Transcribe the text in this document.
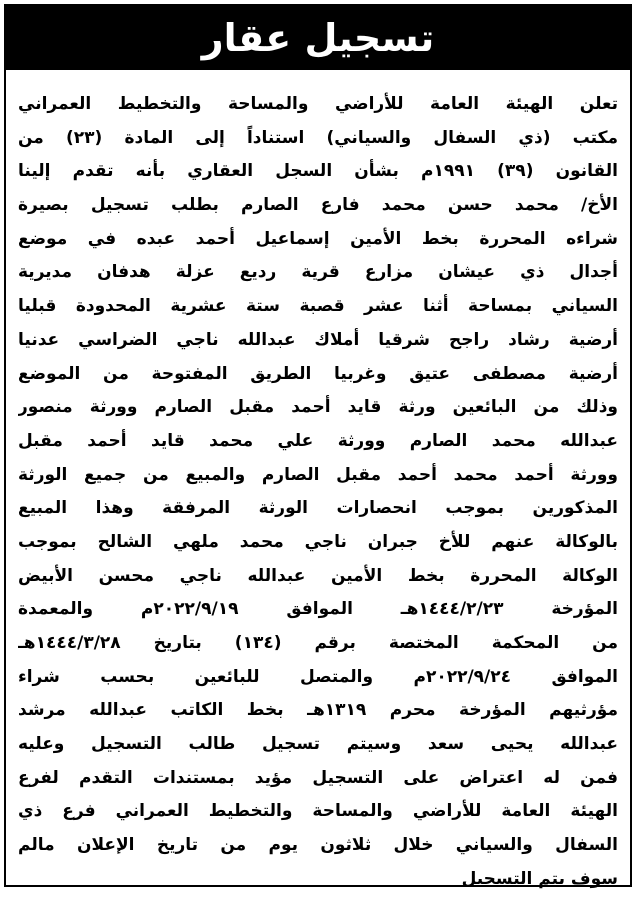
تسجيل عقار
تعلن الهيئة العامة للأراضي والمساحة والتخطيط العمراني
مكتب (ذي السفال والسياني) استناداً إلى المادة (٢٣) من
القانون (٣٩) ١٩٩١م بشأن السجل العقاري بأنه تقدم إلينا
الأخ/ محمد حسن محمد فارع الصارم بطلب تسجيل بصيرة
شراءه المحررة بخط الأمين إسماعيل أحمد عبده في موضع
أجدال ذي عيشان مزارع قرية رديع عزلة هدفان مديرية
السياني بمساحة أثنا عشر قصبة ستة عشرية المحدودة قبليا
أرضية رشاد راجح شرقيا أملاك عبدالله ناجي الضراسي عدنيا
أرضية مصطفى عتيق وغربيا الطريق المفتوحة من الموضع
وذلك من البائعين ورثة قايد أحمد مقبل الصارم وورثة منصور
عبدالله محمد الصارم وورثة علي محمد قايد أحمد مقبل
وورثة أحمد محمد أحمد مقبل الصارم والمبيع من جميع الورثة
المذكورين بموجب انحصارات الورثة المرفقة وهذا المبيع
بالوكالة عنهم للأخ جبران ناجي محمد ملهي الشالح بموجب
الوكالة المحررة بخط الأمين عبدالله ناجي محسن الأبيض
المؤرخة ١٤٤٤/٢/٢٣هـ الموافق ٢٠٢٢/٩/١٩م والمعمدة
من المحكمة المختصة برقم (١٣٤) بتاريخ ١٤٤٤/٣/٢٨هـ
الموافق ٢٠٢٢/٩/٢٤م والمتصل للبائعين بحسب شراء
مؤرثيهم المؤرخة محرم ١٣١٩هـ بخط الكاتب عبدالله مرشد
عبدالله يحيى سعد وسيتم تسجيل طالب التسجيل وعليه
فمن له اعتراض على التسجيل مؤيد بمستندات التقدم لفرع
الهيئة العامة للأراضي والمساحة والتخطيط العمراني فرع ذي
السفال والسياني خلال ثلاثون يوم من تاريخ الإعلان مالم
سوف يتم التسجيل
